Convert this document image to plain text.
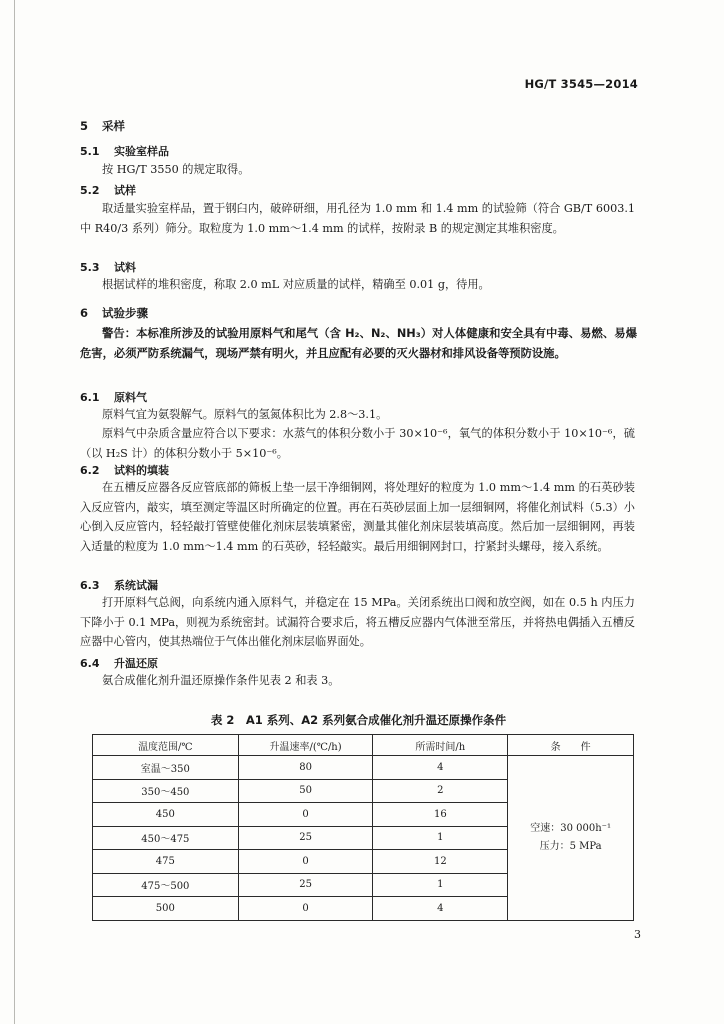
HG/T 3545—2014
5 采样
5.1 实验室样品
按 HG/T 3550 的规定取得。
5.2 试样
取适量实验室样品，置于钢臼内，破碎研细，用孔径为 1.0 mm 和 1.4 mm 的试验筛（符合 GB/T 6003.1 中 R40/3 系列）筛分。取粒度为 1.0 mm～1.4 mm 的试样，按附录 B 的规定测定其堆积密度。
5.3 试料
根据试样的堆积密度，称取 2.0 mL 对应质量的试样，精确至 0.01 g，待用。
6 试验步骤
警告：本标准所涉及的试验用原料气和尾气（含 H₂、N₂、NH₃）对人体健康和安全具有中毒、易燃、易爆危害，必须严防系统漏气，现场严禁有明火，并且应配有必要的灭火器材和排风设备等预防设施。
6.1 原料气
原料气宜为氨裂解气。原料气的氢氮体积比为 2.8～3.1。
原料气中杂质含量应符合以下要求：水蒸气的体积分数小于 30×10⁻⁶，氧气的体积分数小于 10×10⁻⁶，硫（以 H₂S 计）的体积分数小于 5×10⁻⁶。
6.2 试料的填装
在五槽反应器各反应管底部的筛板上垫一层干净细铜网，将处理好的粒度为 1.0 mm～1.4 mm 的石英砂装入反应管内，敲实，填至测定等温区时所确定的位置。再在石英砂层面上加一层细铜网，将催化剂试料（5.3）小心倒入反应管内，轻轻敲打管壁使催化剂床层装填紧密，测量其催化剂床层装填高度。然后加一层细铜网，再装入适量的粒度为 1.0 mm～1.4 mm 的石英砂，轻轻敲实。最后用细铜网封口，拧紧封头螺母，接入系统。
6.3 系统试漏
打开原料气总阀，向系统内通入原料气，并稳定在 15 MPa。关闭系统出口阀和放空阀，如在 0.5 h 内压力下降小于 0.1 MPa，则视为系统密封。试漏符合要求后，将五槽反应器内气体泄至常压，并将热电偶插入五槽反应器中心管内，使其热端位于气体出催化剂床层临界面处。
6.4 升温还原
氨合成催化剂升温还原操作条件见表 2 和表 3。
表 2　A1 系列、A2 系列氨合成催化剂升温还原操作条件
温度范围/℃	升温速率/(℃/h)	所需时间/h	条　　件
室温～350	80	4	空速：30 000h⁻¹
压力：5 MPa

350～450	50	2	
450	0	16	
450～475	25	1	
475	0	12	
475～500	25	1	
500	0	4	
3
